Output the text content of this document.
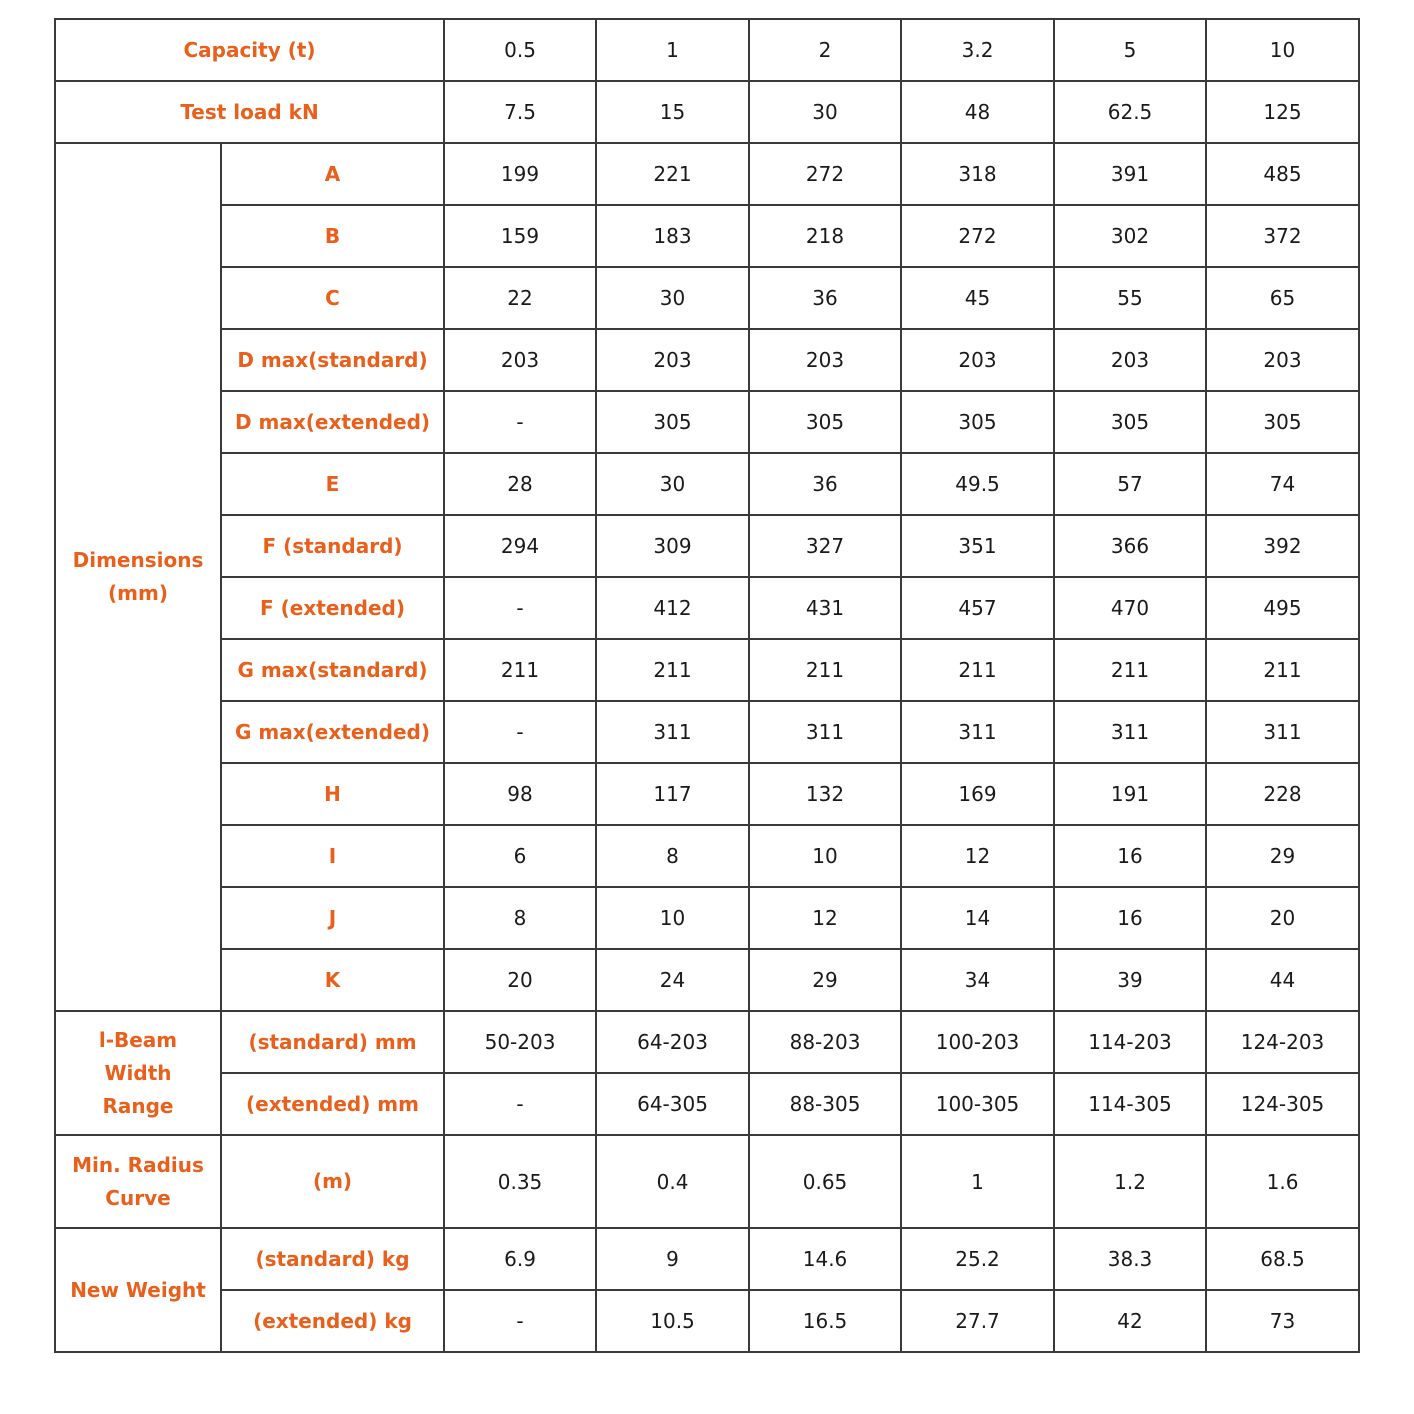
Capacity (t)		0.5	1	2	3.2	5	10
Test load kN		7.5	15	30	48	62.5	125
Dimensions
(mm)	A	199	221	272	318	391	485
	B	159	183	218	272	302	372
	C	22	30	36	45	55	65
	D max(standard)	203	203	203	203	203	203
	D max(extended)	-	305	305	305	305	305
	E	28	30	36	49.5	57	74
	F (standard)	294	309	327	351	366	392
	F (extended)	-	412	431	457	470	495
	G max(standard)	211	211	211	211	211	211
	G max(extended)	-	311	311	311	311	311
	H	98	117	132	169	191	228
	I	6	8	10	12	16	29
	J	8	10	12	14	16	20
	K	20	24	29	34	39	44
l-Beam
Width
Range	(standard) mm	50-203	64-203	88-203	100-203	114-203	124-203
	(extended) mm	-	64-305	88-305	100-305	114-305	124-305
Min. Radius
Curve	(m)	0.35	0.4	0.65	1	1.2	1.6
New Weight	(standard) kg	6.9	9	14.6	25.2	38.3	68.5
	(extended) kg	-	10.5	16.5	27.7	42	73
